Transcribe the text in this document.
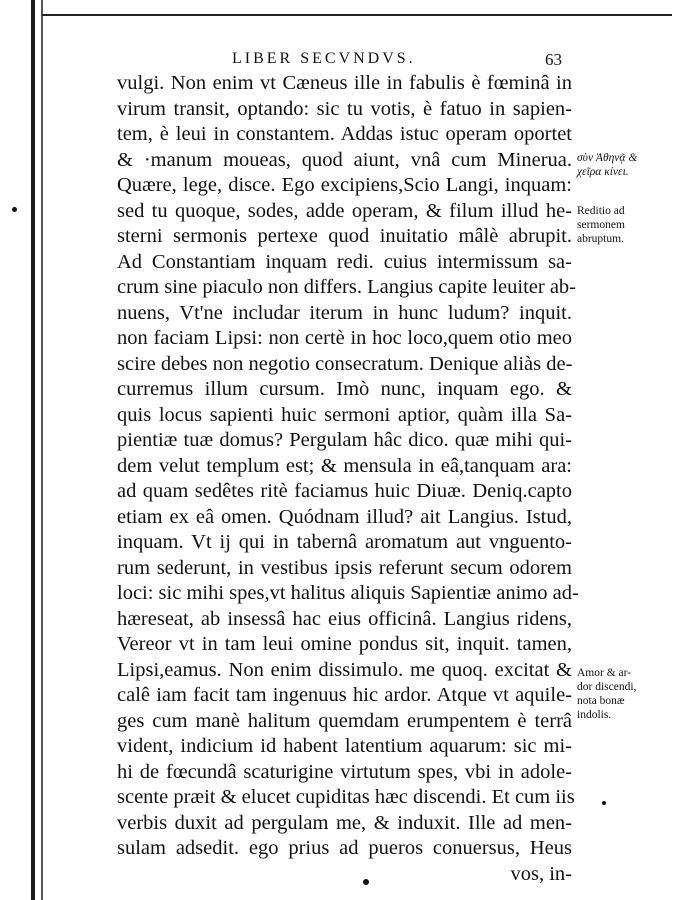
LIBER SECVNDVS.	63
vulgi. Non enim vt Cæneus ille in fabulis è fœminâ in
virum transit, optando: sic tu votis, è fatuo in sapien-
tem, è leui in constantem. Addas istuc operam oportet
& ·manum moueas, quod aiunt, vnâ cum Minerua.
Quære, lege, disce. Ego excipiens,Scio Langi, inquam:
sed tu quoque, sodes, adde operam, & filum illud he-
sterni sermonis pertexe quod inuitatio mâlè abrupit.
Ad Constantiam inquam redi. cuius intermissum sa-
crum sine piaculo non differs. Langius capite leuiter ab-
nuens, Vt'ne includar iterum in hunc ludum? inquit.
non faciam Lipsi: non certè in hoc loco,quem otio meo
scire debes non negotio consecratum. Denique aliàs de-
curremus illum cursum. Imò nunc, inquam ego. &
quis locus sapienti huic sermoni aptior, quàm illa Sa-
pientiæ tuæ domus? Pergulam hâc dico. quæ mihi qui-
dem velut templum est; & mensula in eâ,tanquam ara:
ad quam sedêtes ritè faciamus huic Diuæ. Deniq.capto
etiam ex eâ omen. Quódnam illud? ait Langius. Istud,
inquam. Vt ij qui in tabernâ aromatum aut vnguento-
rum sederunt, in vestibus ipsis referunt secum odorem
loci: sic mihi spes,vt halitus aliquis Sapientiæ animo ad-
hæreseat, ab insessâ hac eius officinâ. Langius ridens,
Vereor vt in tam leui omine pondus sit, inquit. tamen,
Lipsi,eamus. Non enim dissimulo. me quoq. excitat &
calê iam facit tam ingenuus hic ardor. Atque vt aquile-
ges cum manè halitum quemdam erumpentem è terrâ
vident, indicium id habent latentium aquarum: sic mi-
hi de fœcundâ scaturigine virtutum spes, vbi in adole-
scente præit & elucet cupiditas hæc discendi. Et cum iis
verbis duxit ad pergulam me, & induxit. Ille ad men-
sulam adsedit. ego prius ad pueros conuersus, Heus
vos, in-
σὺν Ἀθηνᾷ &
χεῖρα κίνει.
Reditio ad
sermonem
abruptum.
Amor & ar-
dor discendi,
nota bonæ
indolis.
